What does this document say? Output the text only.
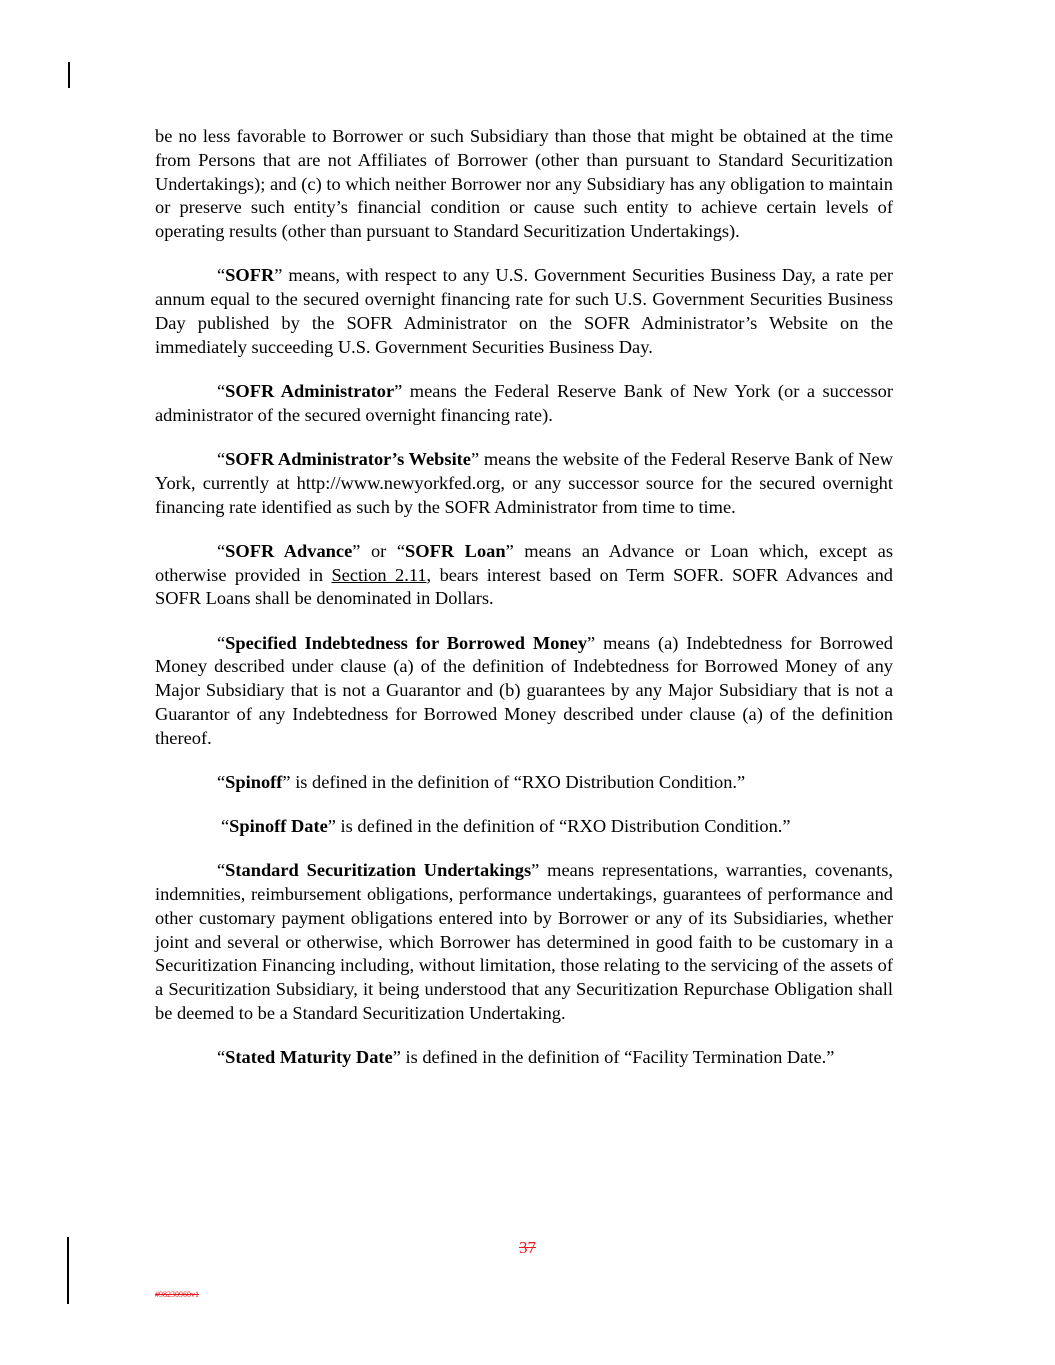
be no less favorable to Borrower or such Subsidiary than those that might be obtained at the time from Persons that are not Affiliates of Borrower (other than pursuant to Standard Securitization Undertakings); and (c) to which neither Borrower nor any Subsidiary has any obligation to maintain or preserve such entity’s financial condition or cause such entity to achieve certain levels of operating results (other than pursuant to Standard Securitization Undertakings).

“SOFR” means, with respect to any U.S. Government Securities Business Day, a rate per annum equal to the secured overnight financing rate for such U.S. Government Securities Business Day published by the SOFR Administrator on the SOFR Administrator’s Website on the immediately succeeding U.S. Government Securities Business Day.

“SOFR Administrator” means the Federal Reserve Bank of New York (or a successor administrator of the secured overnight financing rate).

“SOFR Administrator’s Website” means the website of the Federal Reserve Bank of New York, currently at http://www.newyorkfed.org, or any successor source for the secured overnight financing rate identified as such by the SOFR Administrator from time to time.

“SOFR Advance” or “SOFR Loan” means an Advance or Loan which, except as otherwise provided in Section 2.11, bears interest based on Term SOFR. SOFR Advances and SOFR Loans shall be denominated in Dollars.

“Specified Indebtedness for Borrowed Money” means (a) Indebtedness for Borrowed Money described under clause (a) of the definition of Indebtedness for Borrowed Money of any Major Subsidiary that is not a Guarantor and (b) guarantees by any Major Subsidiary that is not a Guarantor of any Indebtedness for Borrowed Money described under clause (a) of the definition thereof.

“Spinoff” is defined in the definition of “RXO Distribution Condition.”

“Spinoff Date” is defined in the definition of “RXO Distribution Condition.”

“Standard Securitization Undertakings” means representations, warranties, covenants, indemnities, reimbursement obligations, performance undertakings, guarantees of performance and other customary payment obligations entered into by Borrower or any of its Subsidiaries, whether joint and several or otherwise, which Borrower has determined in good faith to be customary in a Securitization Financing including, without limitation, those relating to the servicing of the assets of a Securitization Subsidiary, it being understood that any Securitization Repurchase Obligation shall be deemed to be a Standard Securitization Undertaking.

“Stated Maturity Date” is defined in the definition of “Facility Termination Date.”

37
#98230960v1
